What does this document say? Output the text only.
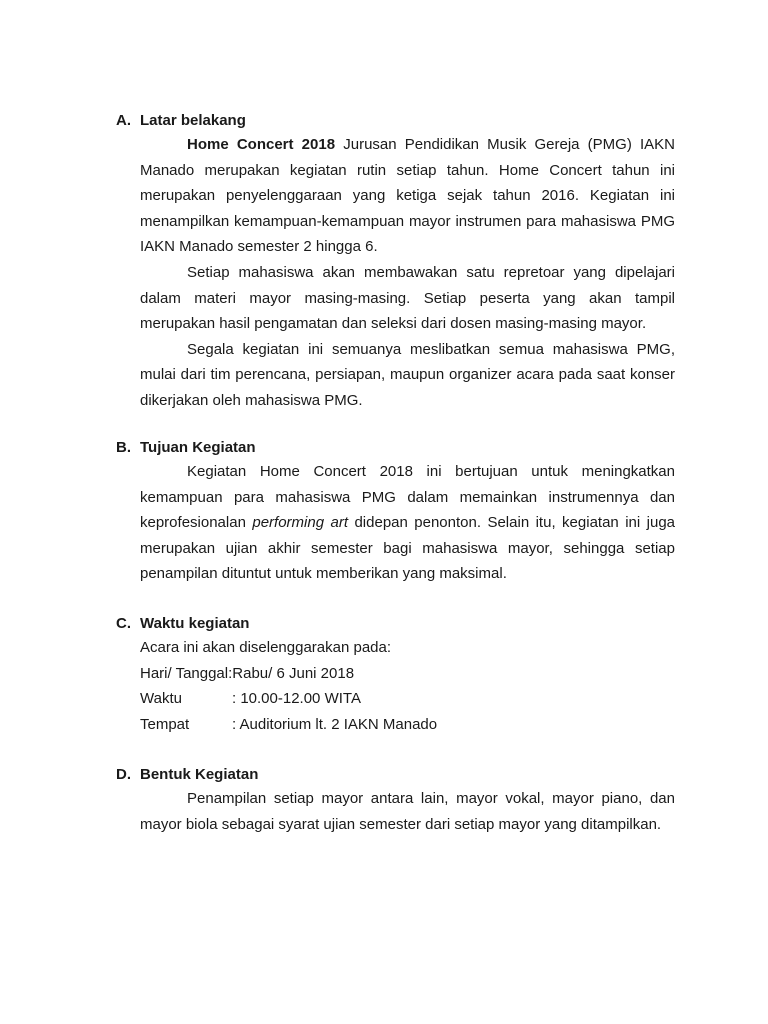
A. Latar belakang

Home Concert 2018 Jurusan Pendidikan Musik Gereja (PMG) IAKN Manado merupakan kegiatan rutin setiap tahun. Home Concert tahun ini merupakan penyelenggaraan yang ketiga sejak tahun 2016. Kegiatan ini menampilkan kemampuan-kemampuan mayor instrumen para mahasiswa PMG IAKN Manado semester 2 hingga 6.

Setiap mahasiswa akan membawakan satu repretoar yang dipelajari dalam materi mayor masing-masing. Setiap peserta yang akan tampil merupakan hasil pengamatan dan seleksi dari dosen masing-masing mayor.

Segala kegiatan ini semuanya meslibatkan semua mahasiswa PMG, mulai dari tim perencana, persiapan, maupun organizer acara pada saat konser dikerjakan oleh mahasiswa PMG.

B. Tujuan Kegiatan

Kegiatan Home Concert 2018 ini bertujuan untuk meningkatkan kemampuan para mahasiswa PMG dalam memainkan instrumennya dan keprofesionalan performing art didepan penonton. Selain itu, kegiatan ini juga merupakan ujian akhir semester bagi mahasiswa mayor, sehingga setiap penampilan dituntut untuk memberikan yang maksimal.

C. Waktu kegiatan
Acara ini akan diselenggarakan pada:
Hari/ Tanggal: Rabu/ 6 Juni 2018
Waktu	: 10.00-12.00 WITA
Tempat	: Auditorium lt. 2 IAKN Manado
D. Bentuk Kegiatan

Penampilan setiap mayor antara lain, mayor vokal, mayor piano, dan mayor biola sebagai syarat ujian semester dari setiap mayor yang ditampilkan.
